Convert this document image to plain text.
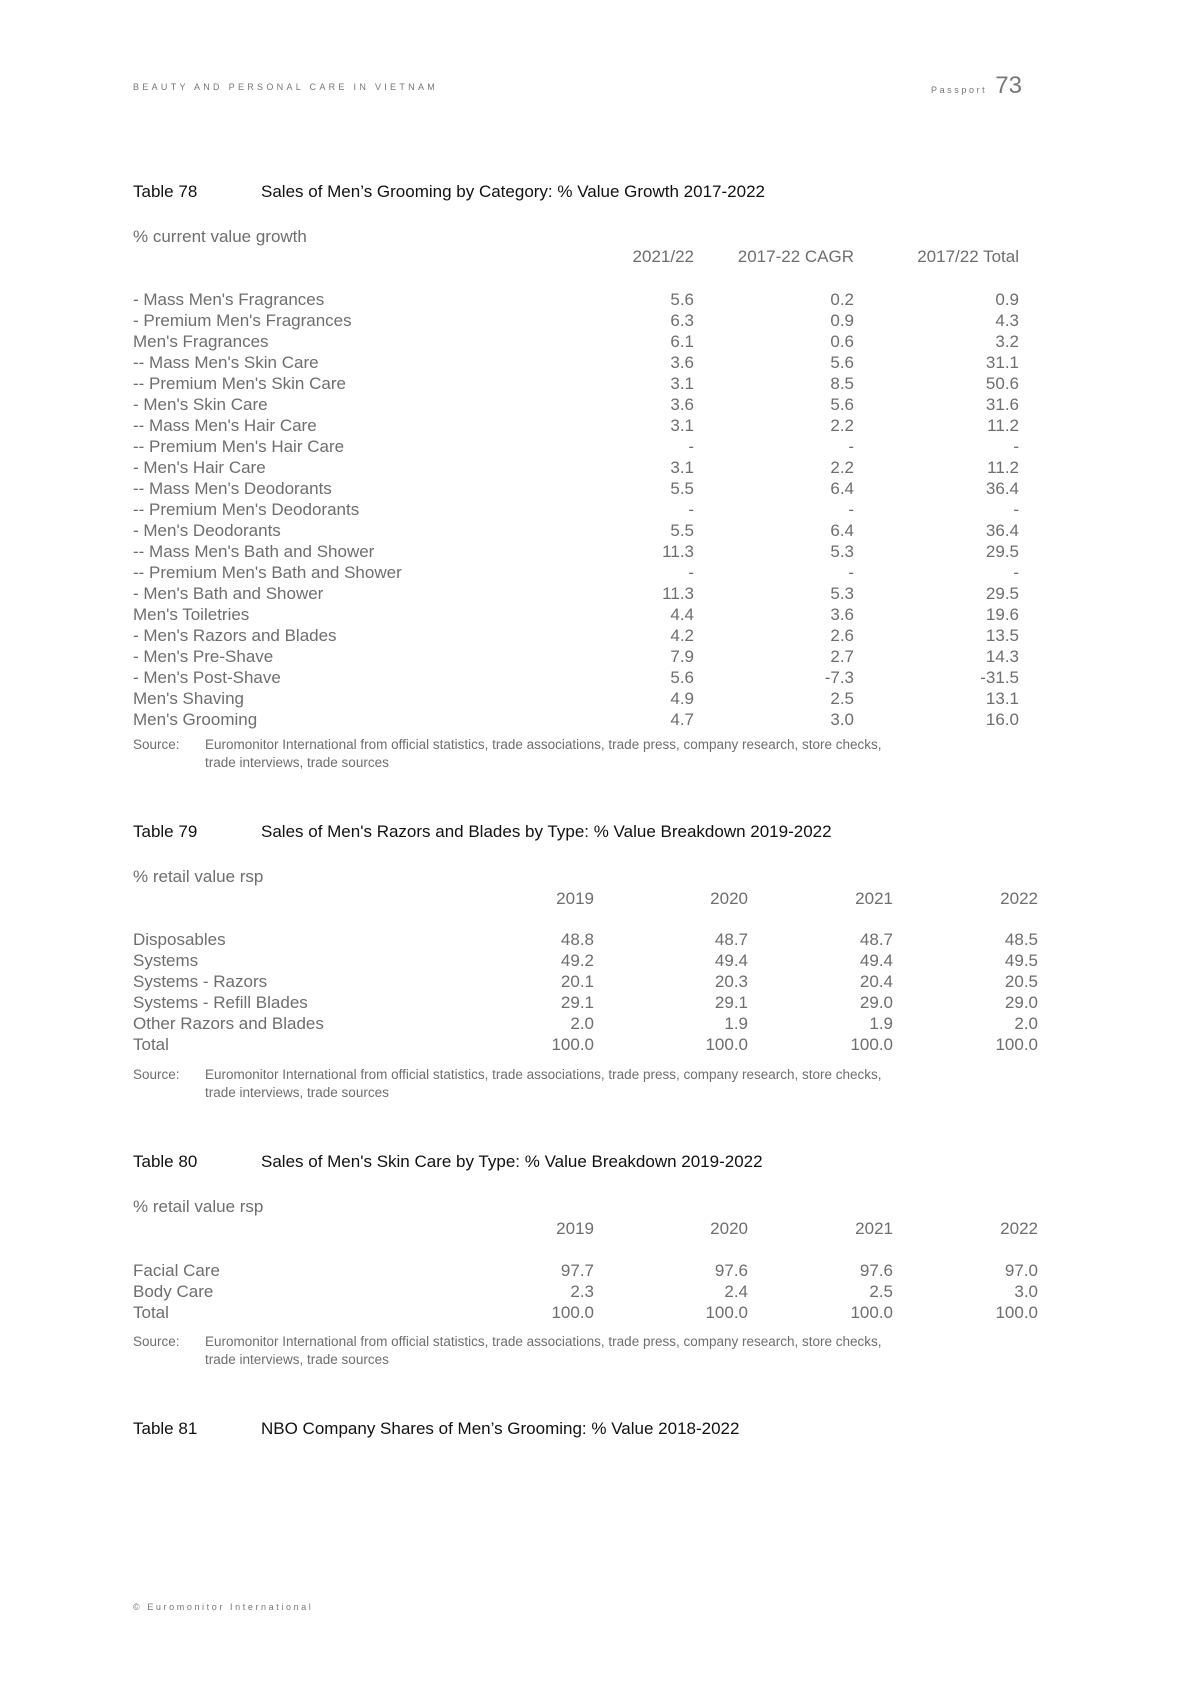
BEAUTY AND PERSONAL CARE IN VIETNAM	Passport 73
Table 78	Sales of Men’s Grooming by Category: % Value Growth 2017-2022
% current value growth
2021/22	2017-22 CAGR	2017/22 Total
- Mass Men's Fragrances	5.6	0.2	0.9
- Premium Men's Fragrances	6.3	0.9	4.3
Men's Fragrances	6.1	0.6	3.2
-- Mass Men's Skin Care	3.6	5.6	31.1
-- Premium Men's Skin Care	3.1	8.5	50.6
- Men's Skin Care	3.6	5.6	31.6
-- Mass Men's Hair Care	3.1	2.2	11.2
-- Premium Men's Hair Care	-	-	-
- Men's Hair Care	3.1	2.2	11.2
-- Mass Men's Deodorants	5.5	6.4	36.4
-- Premium Men's Deodorants	-	-	-
- Men's Deodorants	5.5	6.4	36.4
-- Mass Men's Bath and Shower	11.3	5.3	29.5
-- Premium Men's Bath and Shower	-	-	-
- Men's Bath and Shower	11.3	5.3	29.5
Men's Toiletries	4.4	3.6	19.6
- Men's Razors and Blades	4.2	2.6	13.5
- Men's Pre-Shave	7.9	2.7	14.3
- Men's Post-Shave	5.6	-7.3	-31.5
Men's Shaving	4.9	2.5	13.1
Men's Grooming	4.7	3.0	16.0
Source: Euromonitor International from official statistics, trade associations, trade press, company research, store checks, trade interviews, trade sources
Table 79	Sales of Men's Razors and Blades by Type: % Value Breakdown 2019-2022
% retail value rsp
2019	2020	2021	2022
Disposables	48.8	48.7	48.7	48.5
Systems	49.2	49.4	49.4	49.5
Systems - Razors	20.1	20.3	20.4	20.5
Systems - Refill Blades	29.1	29.1	29.0	29.0
Other Razors and Blades	2.0	1.9	1.9	2.0
Total	100.0	100.0	100.0	100.0
Source: Euromonitor International from official statistics, trade associations, trade press, company research, store checks, trade interviews, trade sources
Table 80	Sales of Men's Skin Care by Type: % Value Breakdown 2019-2022
% retail value rsp
2019	2020	2021	2022
Facial Care	97.7	97.6	97.6	97.0
Body Care	2.3	2.4	2.5	3.0
Total	100.0	100.0	100.0	100.0
Source: Euromonitor International from official statistics, trade associations, trade press, company research, store checks, trade interviews, trade sources
Table 81	NBO Company Shares of Men’s Grooming: % Value 2018-2022
© Euromonitor International
